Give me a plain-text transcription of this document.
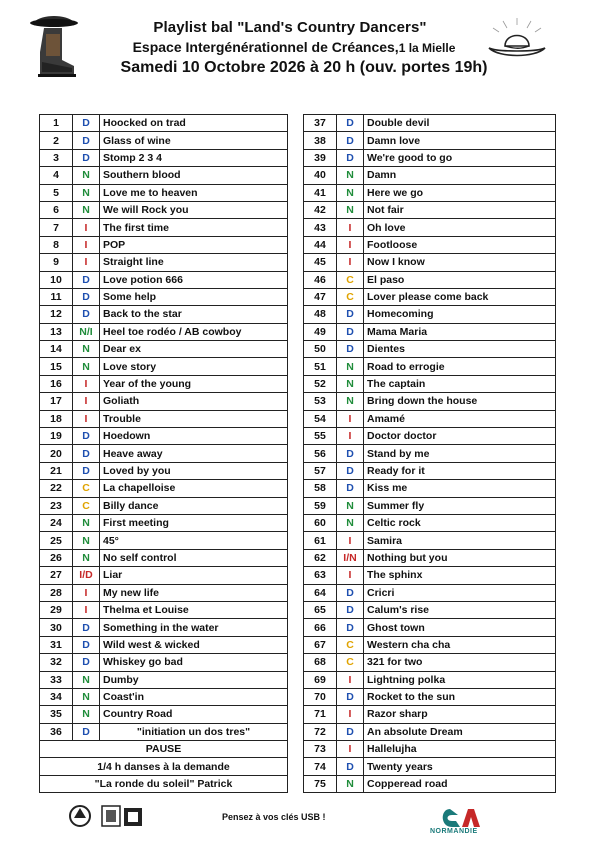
Playlist bal "Land's Country Dancers"
Espace Intergénérationnel de Créances,1 la Mielle
Samedi 10 Octobre 2026 à 20 h (ouv. portes 19h)
1	D	Hoocked on trad
2	D	Glass of wine
3	D	Stomp 2 3 4
4	N	Southern blood
5	N	Love me to heaven
6	N	We will Rock you
7	I	The first time
8	I	POP
9	I	Straight line
10	D	Love potion 666
11	D	Some help
12	D	Back to the star
13	N/I	Heel toe rodéo / AB cowboy
14	N	Dear ex
15	N	Love story
16	I	Year of the young
17	I	Goliath
18	I	Trouble
19	D	Hoedown
20	D	Heave away
21	D	Loved by you
22	C	La chapelloise
23	C	Billy dance
24	N	First meeting
25	N	45°
26	N	No self control
27	I/D	Liar
28	I	My new life
29	I	Thelma et Louise
30	D	Something in the water
31	D	Wild west & wicked
32	D	Whiskey go bad
33	N	Dumby
34	N	Coast'in
35	N	Country Road
36	D	"initiation un dos tres"
PAUSE		
1/4 h danses à la demande		
"La ronde du soleil" Patrick		
37	D	Double devil
38	D	Damn love
39	D	We're good to go
40	N	Damn
41	N	Here we go
42	N	Not fair
43	I	Oh love
44	I	Footloose
45	I	Now I know
46	C	El paso
47	C	Lover please come back
48	D	Homecoming
49	D	Mama Maria
50	D	Dientes
51	N	Road to errogie
52	N	The captain
53	N	Bring down the house
54	I	Amamé
55	I	Doctor doctor
56	D	Stand by me
57	D	Ready for it
58	D	Kiss me
59	N	Summer fly
60	N	Celtic rock
61	I	Samira
62	I/N	Nothing but you
63	I	The sphinx
64	D	Cricri
65	D	Calum's rise
66	D	Ghost town
67	C	Western cha cha
68	C	321 for two
69	I	Lightning polka
70	D	Rocket to the sun
71	I	Razor sharp
72	D	An absolute Dream
73	I	Hallelujha
74	D	Twenty years
75	N	Copperead road
Pensez à vos clés USB !
NORMANDIE
